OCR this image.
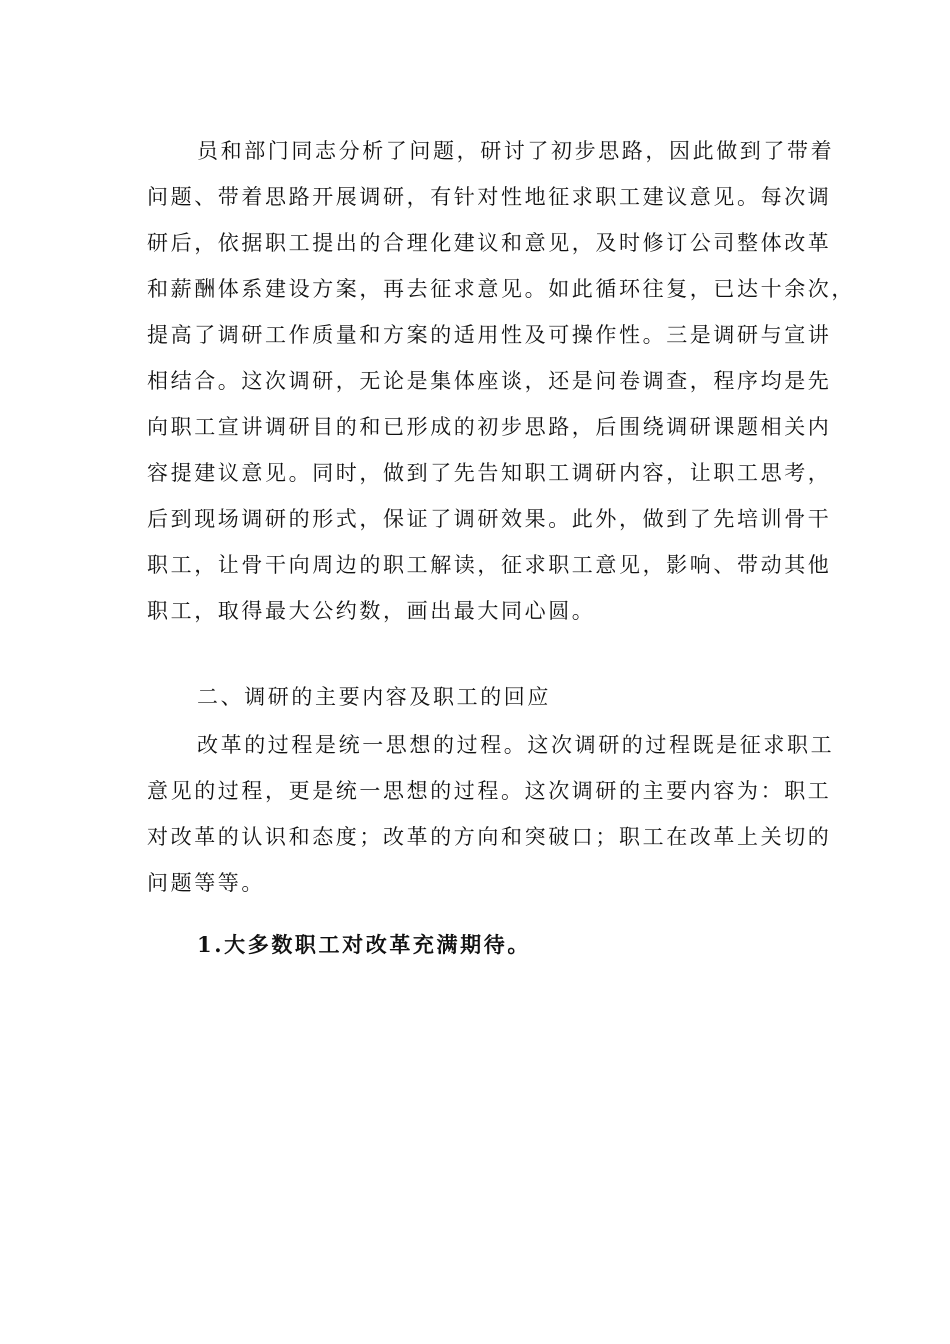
员和部门同志分析了问题，研讨了初步思路，因此做到了带着
问题、带着思路开展调研，有针对性地征求职工建议意见。每次调
研后，依据职工提出的合理化建议和意见，及时修订公司整体改革
和薪酬体系建设方案，再去征求意见。如此循环往复，已达十余次，
提高了调研工作质量和方案的适用性及可操作性。三是调研与宣讲
相结合。这次调研，无论是集体座谈，还是问卷调查，程序均是先
向职工宣讲调研目的和已形成的初步思路，后围绕调研课题相关内
容提建议意见。同时，做到了先告知职工调研内容，让职工思考，
后到现场调研的形式，保证了调研效果。此外，做到了先培训骨干
职工，让骨干向周边的职工解读，征求职工意见，影响、带动其他
职工，取得最大公约数，画出最大同心圆。
二、调研的主要内容及职工的回应
改革的过程是统一思想的过程。这次调研的过程既是征求职工
意见的过程，更是统一思想的过程。这次调研的主要内容为：职工
对改革的认识和态度；改革的方向和突破口；职工在改革上关切的
问题等等。
1.大多数职工对改革充满期待。
